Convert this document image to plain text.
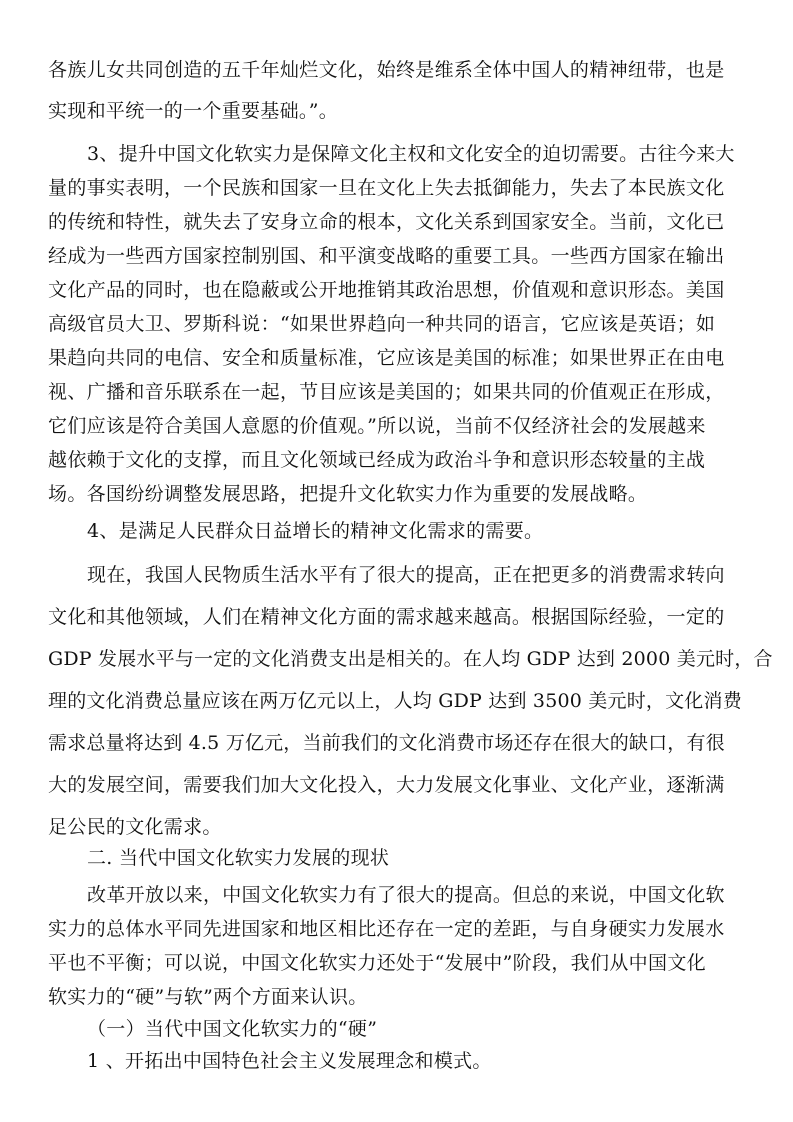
各族儿女共同创造的五千年灿烂文化，始终是维系全体中国人的精神纽带，也是
实现和平统一的一个重要基础。”。
3、提升中国文化软实力是保障文化主权和文化安全的迫切需要。古往今来大
量的事实表明，一个民族和国家一旦在文化上失去抵御能力，失去了本民族文化
的传统和特性，就失去了安身立命的根本，文化关系到国家安全。当前，文化已
经成为一些西方国家控制别国、和平演变战略的重要工具。一些西方国家在输出
文化产品的同时，也在隐蔽或公开地推销其政治思想，价值观和意识形态。美国
高级官员大卫、罗斯科说：“如果世界趋向一种共同的语言，它应该是英语；如
果趋向共同的电信、安全和质量标准，它应该是美国的标准；如果世界正在由电
视、广播和音乐联系在一起，节目应该是美国的；如果共同的价值观正在形成，
它们应该是符合美国人意愿的价值观。”所以说，当前不仅经济社会的发展越来
越依赖于文化的支撑，而且文化领域已经成为政治斗争和意识形态较量的主战
场。各国纷纷调整发展思路，把提升文化软实力作为重要的发展战略。
4、是满足人民群众日益增长的精神文化需求的需要。
现在，我国人民物质生活水平有了很大的提高，正在把更多的消费需求转向
文化和其他领域，人们在精神文化方面的需求越来越高。根据国际经验，一定的
GDP 发展水平与一定的文化消费支出是相关的。在人均 GDP 达到 2000 美元时，合
理的文化消费总量应该在两万亿元以上，人均 GDP 达到 3500 美元时，文化消费
需求总量将达到 4.5 万亿元，当前我们的文化消费市场还存在很大的缺口，有很
大的发展空间，需要我们加大文化投入，大力发展文化事业、文化产业，逐渐满
足公民的文化需求。
二. 当代中国文化软实力发展的现状
改革开放以来，中国文化软实力有了很大的提高。但总的来说，中国文化软
实力的总体水平同先进国家和地区相比还存在一定的差距，与自身硬实力发展水
平也不平衡；可以说，中国文化软实力还处于“发展中”阶段，我们从中国文化
软实力的“硬”与软”两个方面来认识。
（一）当代中国文化软实力的“硬”
1 、开拓出中国特色社会主义发展理念和模式。
